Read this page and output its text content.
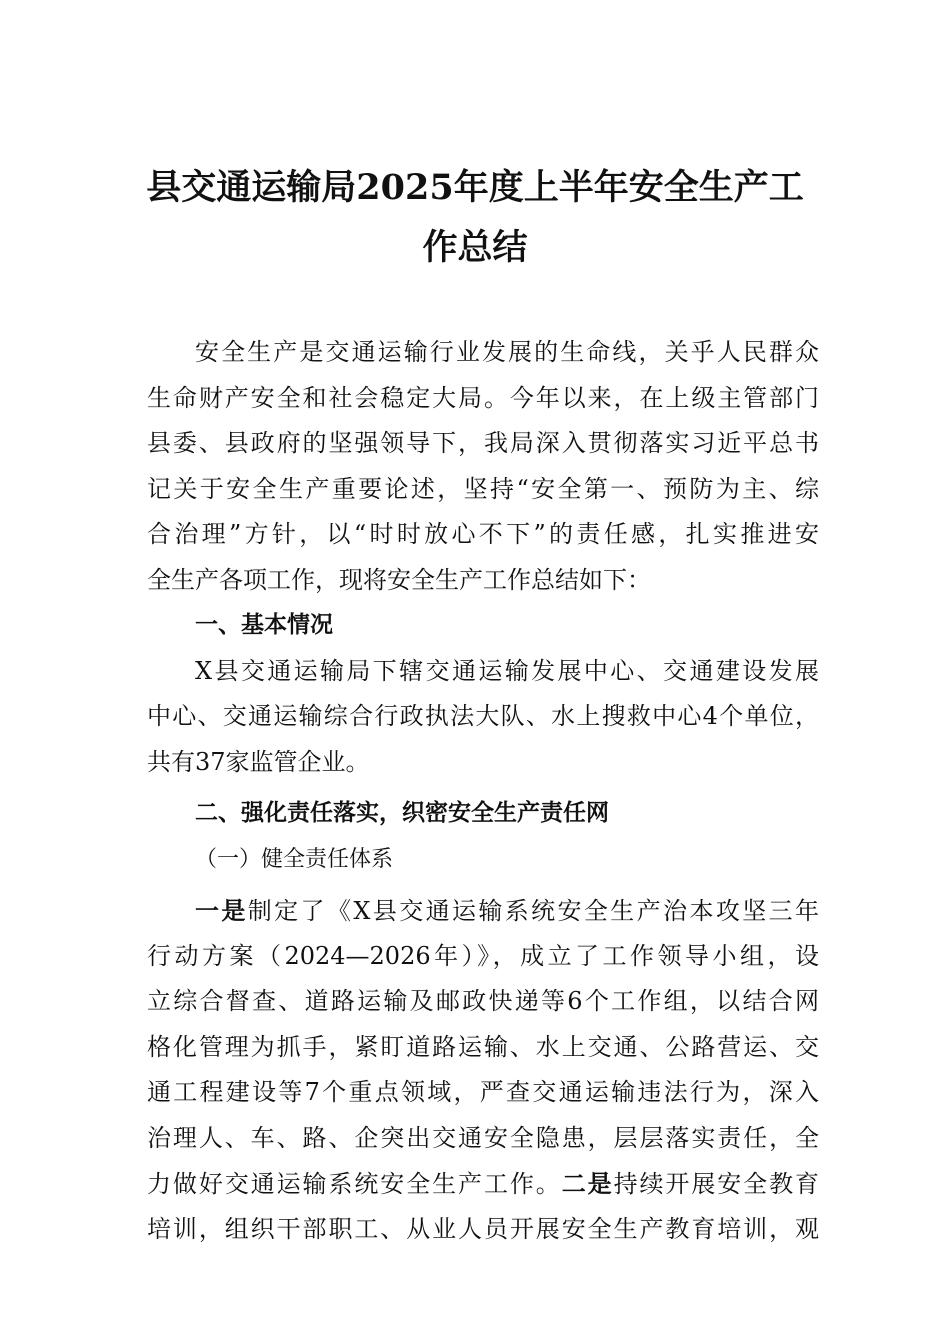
县交通运输局2025年度上半年安全生产工
作总结
安全生产是交通运输行业发展的生命线，关乎人民群众
生命财产安全和社会稳定大局。今年以来，在上级主管部门
县委、县政府的坚强领导下，我局深入贯彻落实习近平总书
记关于安全生产重要论述，坚持“安全第一、预防为主、综
合治理”方针，以“时时放心不下”的责任感，扎实推进安
全生产各项工作，现将安全生产工作总结如下：
一、基本情况
X县交通运输局下辖交通运输发展中心、交通建设发展
中心、交通运输综合行政执法大队、水上搜救中心4个单位，
共有37家监管企业。
二、强化责任落实，织密安全生产责任网
（一）健全责任体系
一是制定了《X县交通运输系统安全生产治本攻坚三年
行动方案（2024—2026年）》，成立了工作领导小组，设
立综合督查、道路运输及邮政快递等6个工作组，以结合网
格化管理为抓手，紧盯道路运输、水上交通、公路营运、交
通工程建设等7个重点领域，严查交通运输违法行为，深入
治理人、车、路、企突出交通安全隐患，层层落实责任，全
力做好交通运输系统安全生产工作。二是持续开展安全教育
培训，组织干部职工、从业人员开展安全生产教育培训，观
